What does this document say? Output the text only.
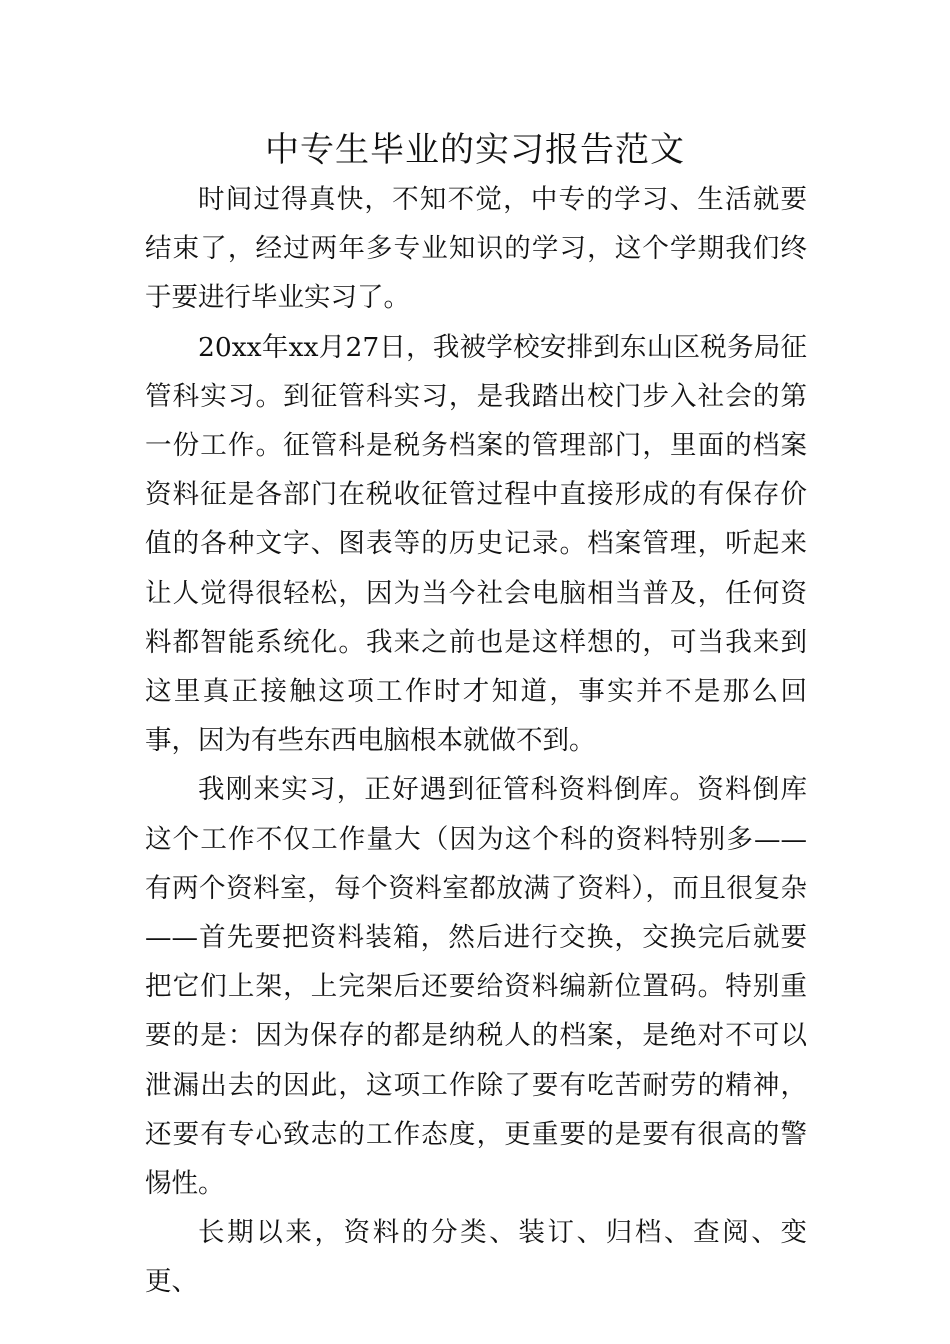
中专生毕业的实习报告范文

时间过得真快，不知不觉，中专的学习、生活就要结束了，经过两年多专业知识的学习，这个学期我们终于要进行毕业实习了。

20xx年xx月27日，我被学校安排到东山区税务局征管科实习。到征管科实习，是我踏出校门步入社会的第一份工作。征管科是税务档案的管理部门，里面的档案资料征是各部门在税收征管过程中直接形成的有保存价值的各种文字、图表等的历史记录。档案管理，听起来让人觉得很轻松，因为当今社会电脑相当普及，任何资料都智能系统化。我来之前也是这样想的，可当我来到这里真正接触这项工作时才知道，事实并不是那么回事，因为有些东西电脑根本就做不到。

我刚来实习，正好遇到征管科资料倒库。资料倒库这个工作不仅工作量大（因为这个科的资料特别多——有两个资料室，每个资料室都放满了资料），而且很复杂——首先要把资料装箱，然后进行交换，交换完后就要把它们上架，上完架后还要给资料编新位置码。特别重要的是：因为保存的都是纳税人的档案，是绝对不可以泄漏出去的因此，这项工作除了要有吃苦耐劳的精神，还要有专心致志的工作态度，更重要的是要有很高的警惕性。

长期以来，资料的分类、装订、归档、查阅、变更、
